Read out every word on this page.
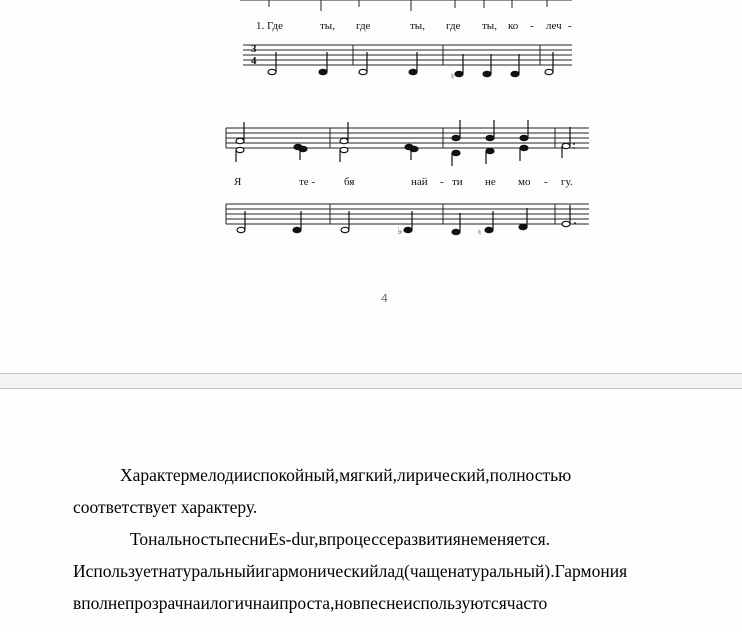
3
4
♮
♭	♮
1. Где	ты, где	ты, где ты, ко - леч -
Я	те -	бя	най - ти не мо - гу.
4
Характермелодииспокойный,мягкий,лирический,полностью
соответствует характеру.
ТональностьпесниEs-dur,впроцессеразвитиянеменяется.
Используетнатуральныйигармоническийлад(чащенатуральный).Гармония
вполнепрозрачнаилогичнаипроста,новпеснеиспользуютсячасто
